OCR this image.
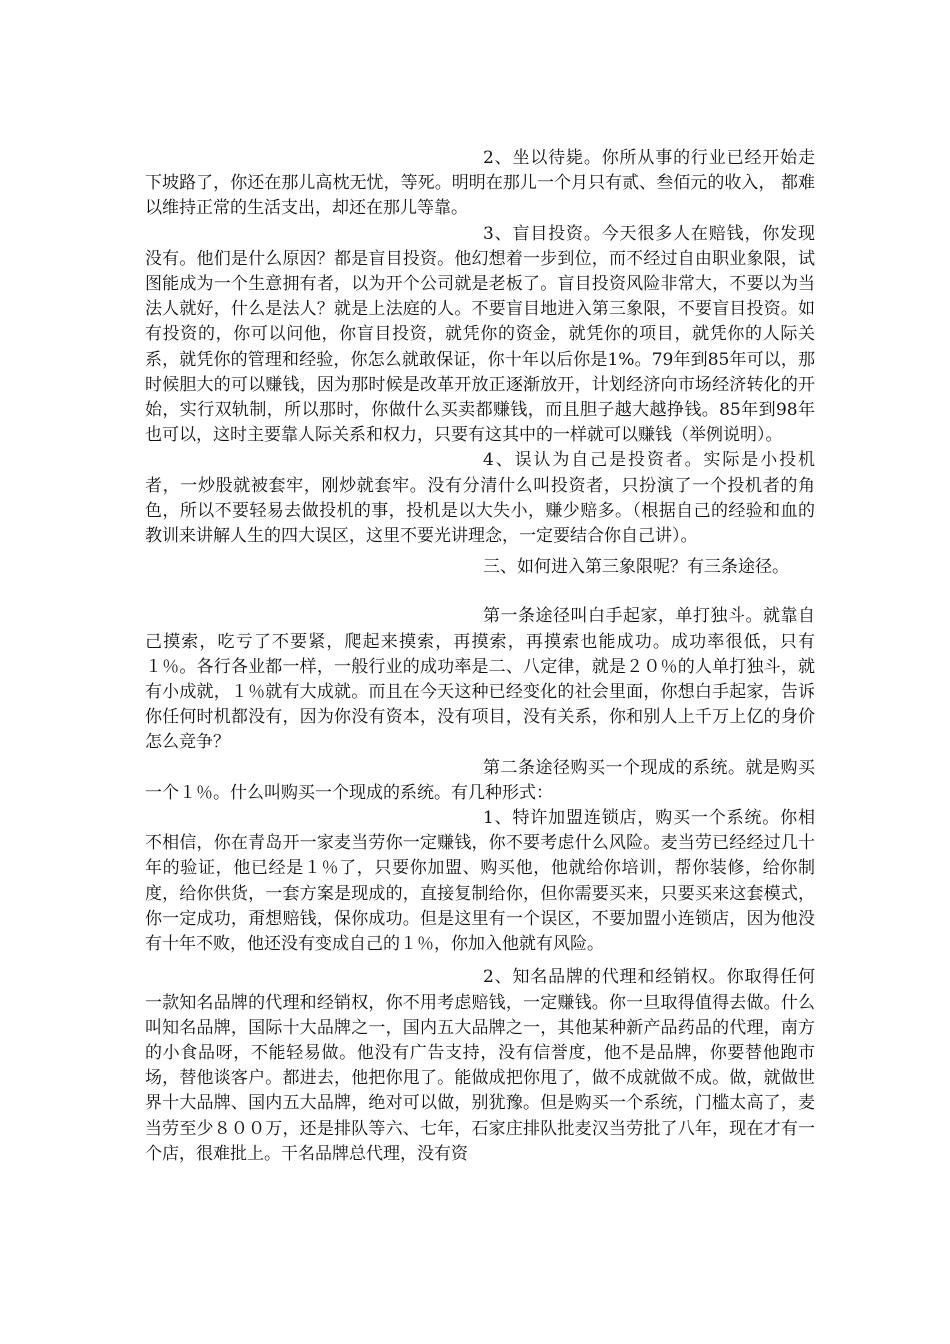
2、坐以待毙。你所从事的行业已经开始走下坡路了，你还在那儿高枕无忧，等死。明明在那儿一个月只有贰、叁佰元的收入， 都难以维持正常的生活支出，却还在那儿等靠。

3、盲目投资。今天很多人在赔钱，你发现没有。他们是什么原因？都是盲目投资。他幻想着一步到位，而不经过自由职业象限，试图能成为一个生意拥有者，以为开个公司就是老板了。盲目投资风险非常大，不要以为当法人就好，什么是法人？就是上法庭的人。不要盲目地进入第三象限，不要盲目投资。如有投资的，你可以问他，你盲目投资，就凭你的资金，就凭你的项目，就凭你的人际关系，就凭你的管理和经验，你怎么就敢保证，你十年以后你是1%。79年到85年可以，那时候胆大的可以赚钱，因为那时候是改革开放正逐渐放开，计划经济向市场经济转化的开始，实行双轨制，所以那时，你做什么买卖都赚钱，而且胆子越大越挣钱。85年到98年也可以，这时主要靠人际关系和权力，只要有这其中的一样就可以赚钱（举例说明）。

4、误认为自己是投资者。实际是小投机者，一炒股就被套牢，刚炒就套牢。没有分清什么叫投资者，只扮演了一个投机者的角色，所以不要轻易去做投机的事，投机是以大失小，赚少赔多。（根据自己的经验和血的教训来讲解人生的四大误区，这里不要光讲理念，一定要结合你自己讲）。

三、如何进入第三象限呢？有三条途径。

第一条途径叫白手起家，单打独斗。就靠自己摸索，吃亏了不要紧，爬起来摸索，再摸索，再摸索也能成功。成功率很低，只有１％。各行各业都一样，一般行业的成功率是二、八定律，就是２０％的人单打独斗，就有小成就，１％就有大成就。而且在今天这种已经变化的社会里面，你想白手起家，告诉你任何时机都没有，因为你没有资本，没有项目，没有关系，你和别人上千万上亿的身价怎么竞争？

第二条途径购买一个现成的系统。就是购买一个１％。什么叫购买一个现成的系统。有几种形式：

1、特许加盟连锁店，购买一个系统。你相不相信，你在青岛开一家麦当劳你一定赚钱，你不要考虑什么风险。麦当劳已经经过几十年的验证，他已经是１％了，只要你加盟、购买他，他就给你培训，帮你装修，给你制度，给你供货，一套方案是现成的，直接复制给你，但你需要买来，只要买来这套模式，你一定成功，甭想赔钱，保你成功。但是这里有一个误区，不要加盟小连锁店，因为他没有十年不败，他还没有变成自己的１％，你加入他就有风险。

2、知名品牌的代理和经销权。你取得任何一款知名品牌的代理和经销权，你不用考虑赔钱，一定赚钱。你一旦取得值得去做。什么叫知名品牌，国际十大品牌之一，国内五大品牌之一，其他某种新产品药品的代理，南方的小食品呀，不能轻易做。他没有广告支持，没有信誉度，他不是品牌，你要替他跑市场，替他谈客户。都进去，他把你甩了。能做成把你甩了，做不成就做不成。做，就做世界十大品牌、国内五大品牌，绝对可以做，别犹豫。但是购买一个系统，门槛太高了，麦当劳至少８００万，还是排队等六、七年，石家庄排队批麦汉当劳批了八年，现在才有一个店，很难批上。干名品牌总代理，没有资
